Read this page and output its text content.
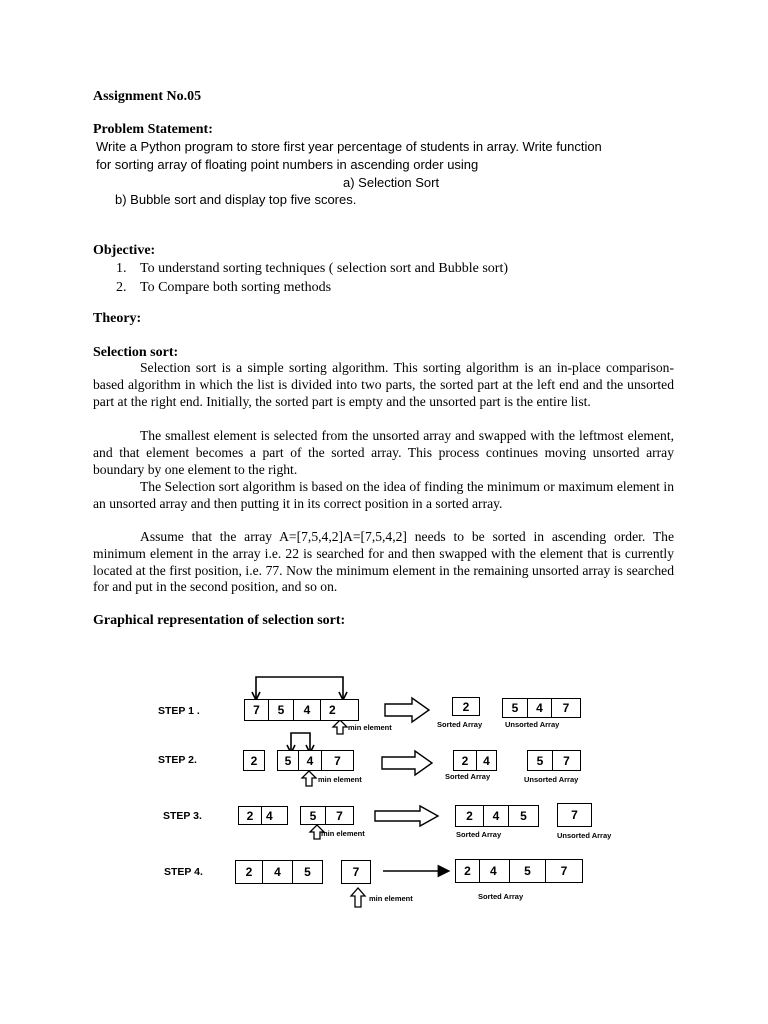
Assignment No.05
Problem Statement:
Write a Python program to store first year percentage of students in array. Write function
for sorting array of floating point numbers in ascending order using
a) Selection Sort
b) Bubble sort and display top five scores.
Objective:
1. To understand sorting techniques ( selection sort and Bubble sort)
2. To Compare both sorting methods
Theory:
Selection sort:

Selection sort is a simple sorting algorithm. This sorting algorithm is an in-place comparison-based algorithm in which the list is divided into two parts, the sorted part at the left end and the unsorted part at the right end. Initially, the sorted part is empty and the unsorted part is the entire list.

The smallest element is selected from the unsorted array and swapped with the leftmost element, and that element becomes a part of the sorted array. This process continues moving unsorted array boundary by one element to the right.

The Selection sort algorithm is based on the idea of finding the minimum or maximum element in an unsorted array and then putting it in its correct position in a sorted array.

Assume that the array A=[7,5,4,2]A=[7,5,4,2] needs to be sorted in ascending order. The minimum element in the array i.e. 22 is searched for and then swapped with the element that is currently located at the first position, i.e. 77. Now the minimum element in the remaining unsorted array is searched for and put in the second position, and so on.

Graphical representation of selection sort:
STEP 1 .	7	5	4	2
min element
2
Sorted Array
5	4	7
Unsorted Array
STEP 2.	2	5	4	7
min element
2	4
Sorted Array
5	7
Unsorted Array
STEP 3.	2	4	5	7
min element
2	4	5
Sorted Array
7
Unsorted Array
STEP 4.	2	4	5	7
min element
2	4	5	7
Sorted Array
